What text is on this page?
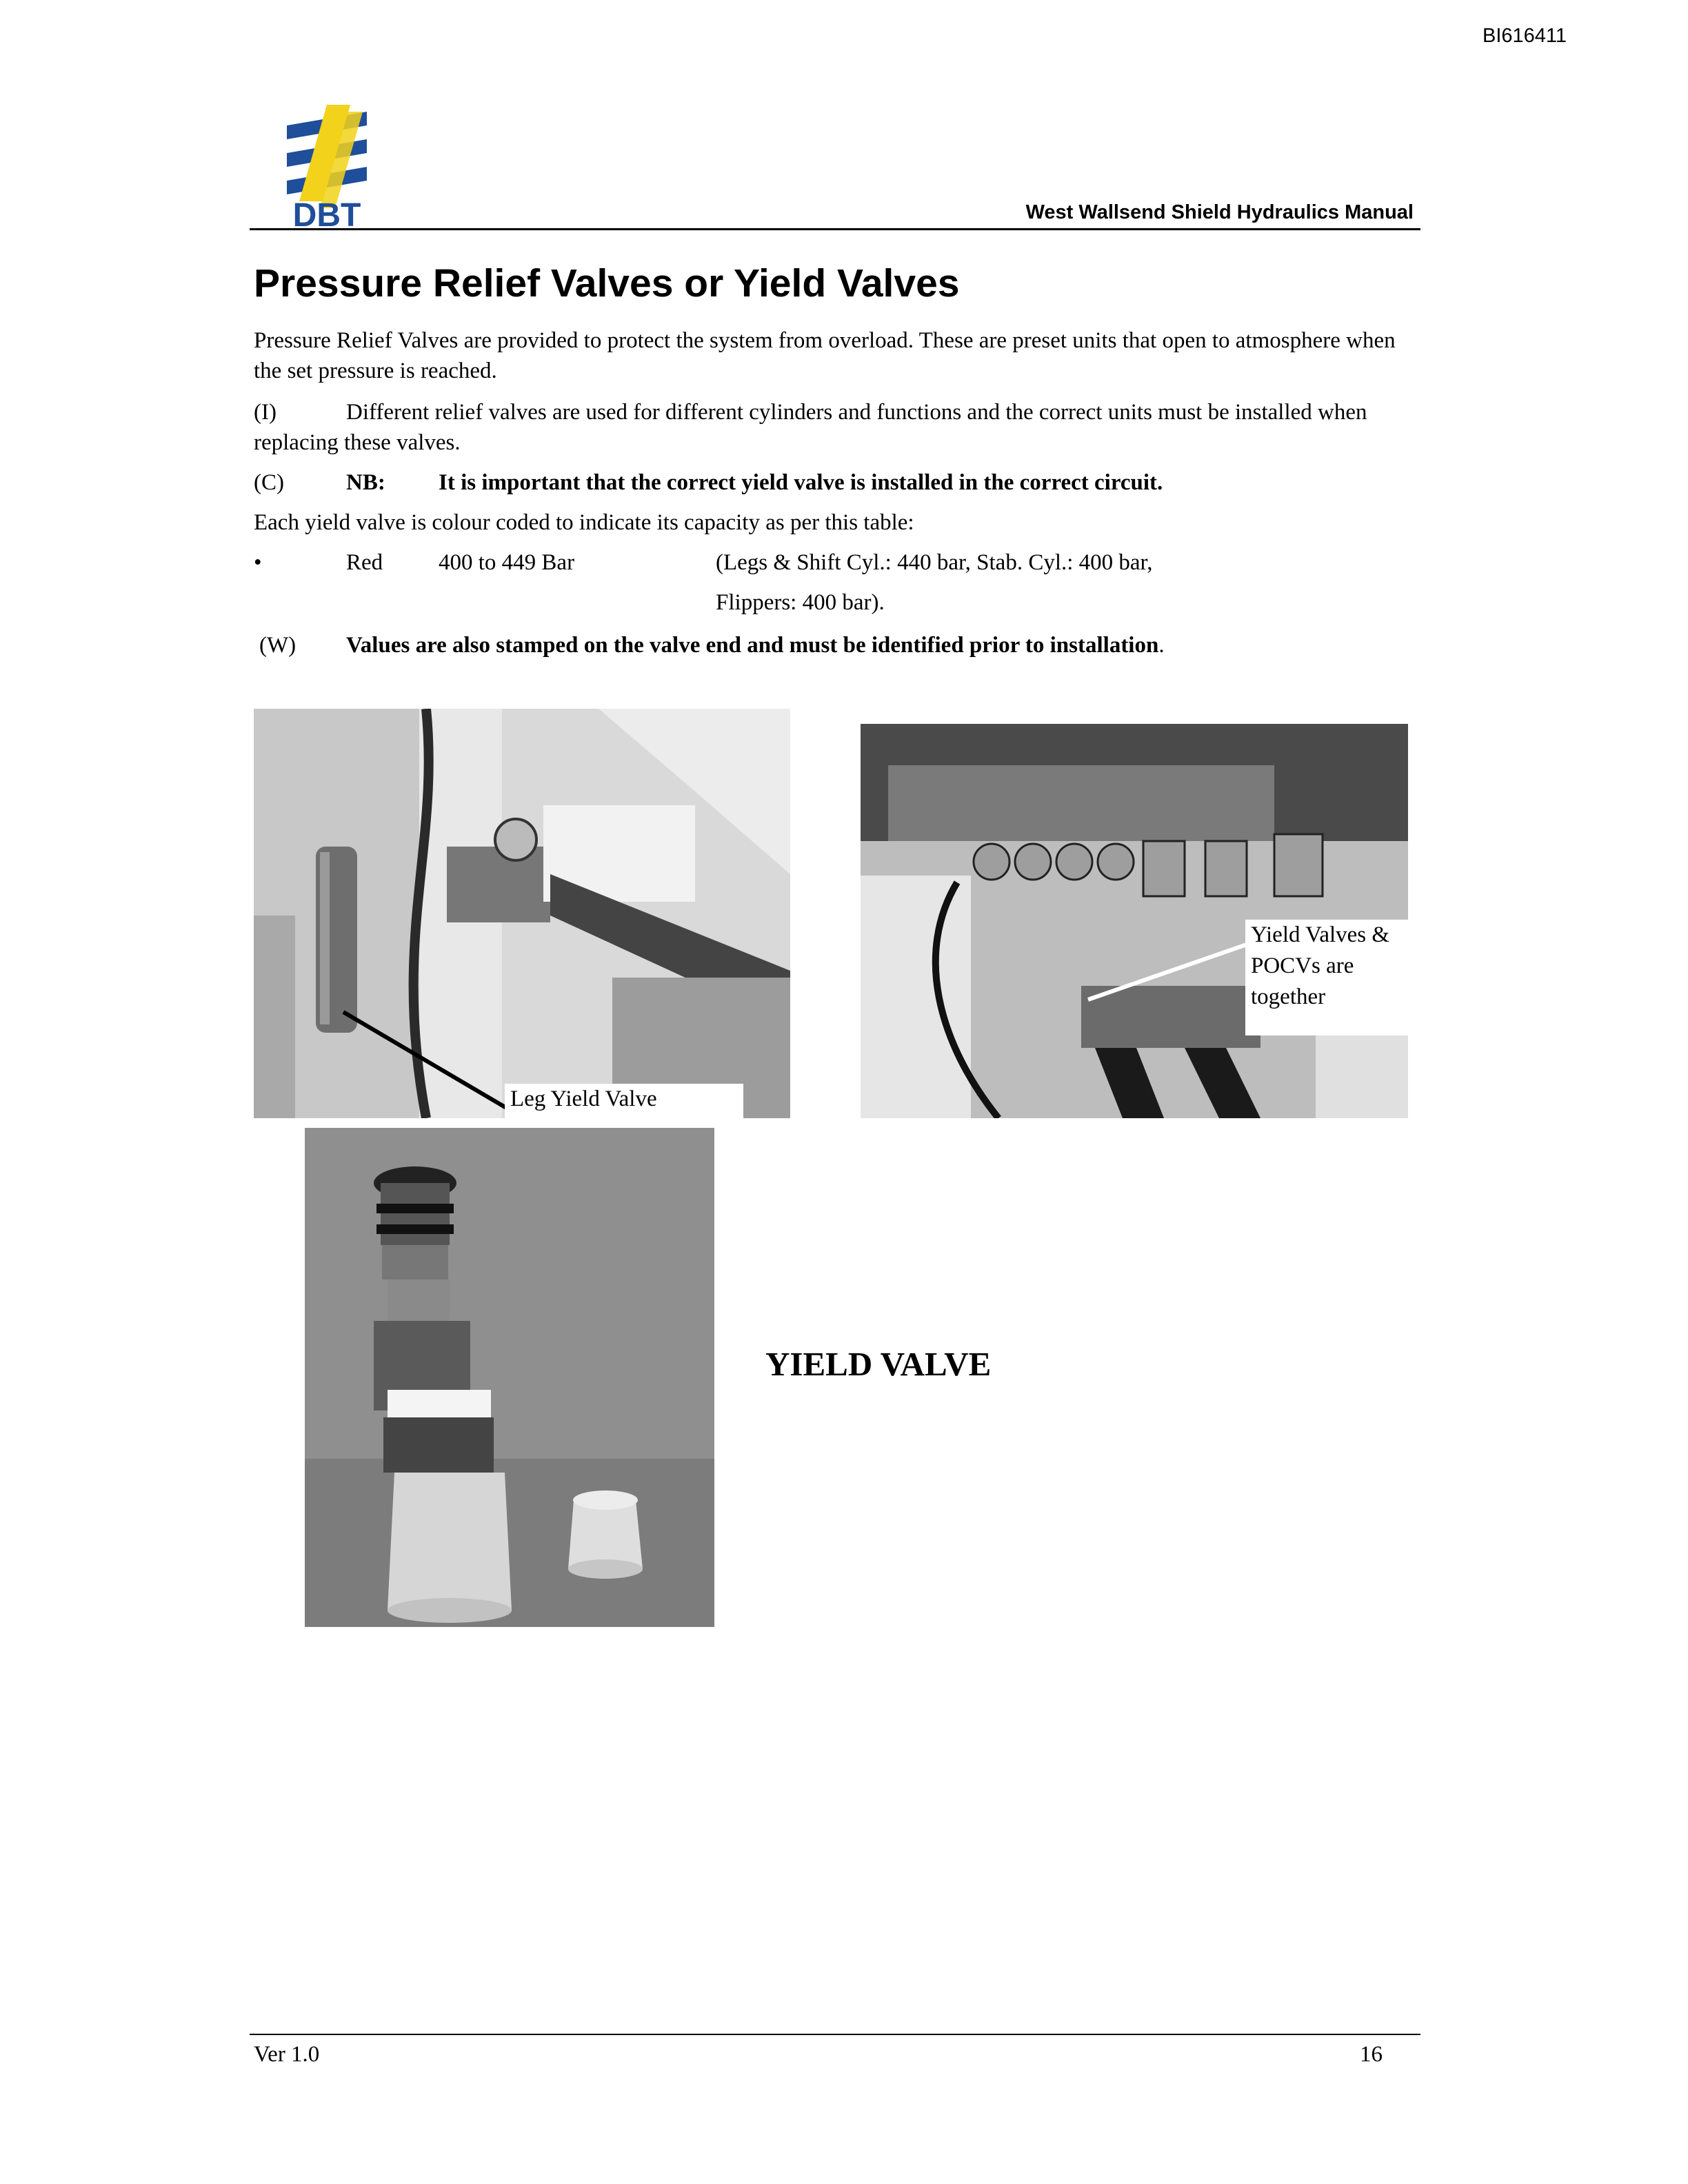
BI616411
DBT	West Wallsend Shield Hydraulics Manual
Pressure Relief Valves or Yield Valves
Pressure Relief Valves are provided to protect the system from overload. These are preset units that open to atmosphere when the set pressure is reached.
(I)	Different relief valves are used for different cylinders and functions and the correct units must be installed when replacing these valves.
(C)	NB: It is important that the correct yield valve is installed in the correct circuit.
Each yield valve is colour coded to indicate its capacity as per this table:
•	Red 400 to 449 Bar	(Legs & Shift Cyl.: 440 bar, Stab. Cyl.: 400 bar,
Flippers: 400 bar).
(W) Values are also stamped on the valve end and must be identified prior to installation.
Leg Yield Valve
Yield Valves &
POCVs are
together
YIELD VALVE
Ver 1.0	16
